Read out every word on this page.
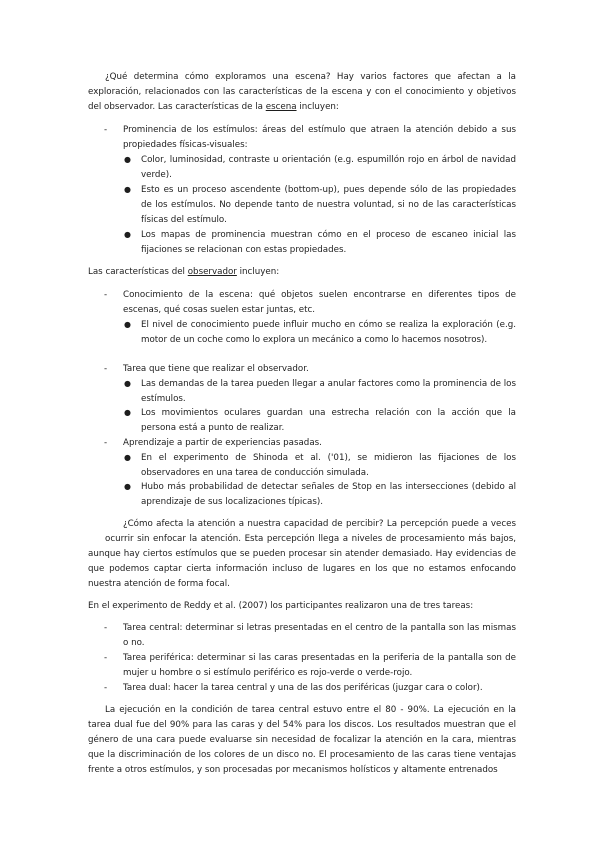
¿Qué determina cómo exploramos una escena? Hay varios factores que afectan a la exploración, relacionados con las características de la escena y con el conocimiento y objetivos del observador. Las características de la escena incluyen:
- Prominencia de los estímulos: áreas del estímulo que atraen la atención debido a sus propiedades físicas-visuales:
● Color, luminosidad, contraste u orientación (e.g. espumillón rojo en árbol de navidad verde).
● Esto es un proceso ascendente (bottom-up), pues depende sólo de las propiedades de los estímulos. No depende tanto de nuestra voluntad, si no de las características físicas del estímulo.
● Los mapas de prominencia muestran cómo en el proceso de escaneo inicial las fijaciones se relacionan con estas propiedades.
Las características del observador incluyen:
- Conocimiento de la escena: qué objetos suelen encontrarse en diferentes tipos de escenas, qué cosas suelen estar juntas, etc.
● El nivel de conocimiento puede influir mucho en cómo se realiza la exploración (e.g. motor de un coche como lo explora un mecánico a como lo hacemos nosotros).
- Tarea que tiene que realizar el observador.
● Las demandas de la tarea pueden llegar a anular factores como la prominencia de los estímulos.
● Los movimientos oculares guardan una estrecha relación con la acción que la persona está a punto de realizar.
- Aprendizaje a partir de experiencias pasadas.
● En el experimento de Shinoda et al. ('01), se midieron las fijaciones de los observadores en una tarea de conducción simulada.
● Hubo más probabilidad de detectar señales de Stop en las intersecciones (debido al aprendizaje de sus localizaciones típicas).
¿Cómo afecta la atención a nuestra capacidad de percibir? La percepción puede a veces
ocurrir sin enfocar la atención. Esta percepción llega a niveles de procesamiento más bajos,
aunque hay ciertos estímulos que se pueden procesar sin atender demasiado. Hay evidencias de que podemos captar cierta información incluso de lugares en los que no estamos enfocando nuestra atención de forma focal.
En el experimento de Reddy et al. (2007) los participantes realizaron una de tres tareas:
- Tarea central: determinar si letras presentadas en el centro de la pantalla son las mismas o no.
- Tarea periférica: determinar si las caras presentadas en la periferia de la pantalla son de mujer u hombre o si estímulo periférico es rojo-verde o verde-rojo.
- Tarea dual: hacer la tarea central y una de las dos periféricas (juzgar cara o color).
La ejecución en la condición de tarea central estuvo entre el 80 - 90%. La ejecución en la tarea dual fue del 90% para las caras y del 54% para los discos. Los resultados muestran que el género de una cara puede evaluarse sin necesidad de focalizar la atención en la cara, mientras que la discriminación de los colores de un disco no. El procesamiento de las caras tiene ventajas frente a otros estímulos, y son procesadas por mecanismos holísticos y altamente entrenados
